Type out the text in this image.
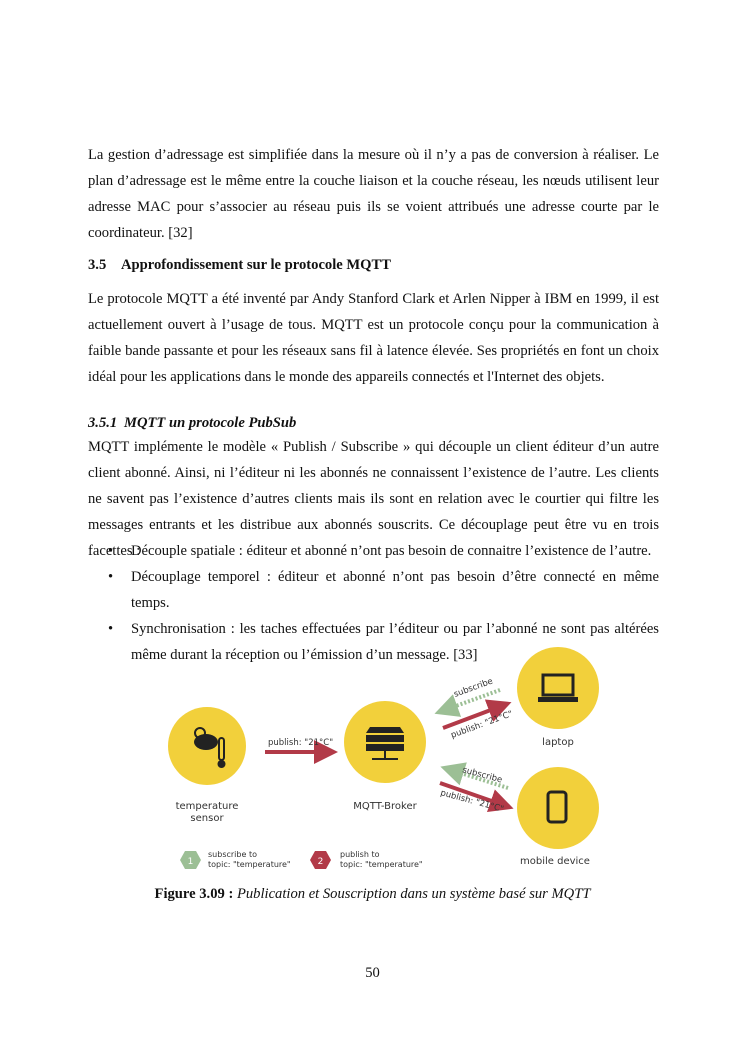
La gestion d’adressage est simplifiée dans la mesure où il n’y a pas de conversion à réaliser. Le plan d’adressage est le même entre la couche liaison et la couche réseau, les nœuds utilisent leur adresse MAC pour s’associer au réseau puis ils se voient attribués une adresse courte par le coordinateur. [32]
3.5 Approfondissement sur le protocole MQTT
Le protocole MQTT a été inventé par Andy Stanford Clark et Arlen Nipper à IBM en 1999, il est actuellement ouvert à l’usage de tous. MQTT est un protocole conçu pour la communication à faible bande passante et pour les réseaux sans fil à latence élevée. Ses propriétés en font un choix idéal pour les applications dans le monde des appareils connectés et l'Internet des objets.
3.5.1 MQTT un protocole PubSub
MQTT implémente le modèle « Publish / Subscribe » qui découple un client éditeur d’un autre client abonné. Ainsi, ni l’éditeur ni les abonnés ne connaissent l’existence de l’autre. Les clients ne savent pas l’existence d’autres clients mais ils sont en relation avec le courtier qui filtre les messages entrants et les distribue aux abonnés souscrits. Ce découplage peut être vu en trois facettes :
• Découple spatiale : éditeur et abonné n’ont pas besoin de connaitre l’existence de l’autre.
• Découplage temporel : éditeur et abonné n’ont pas besoin d’être connecté en même temps.
• Synchronisation : les taches effectuées par l’éditeur ou par l’abonné ne sont pas altérées même durant la réception ou l’émission d’un message. [33]
temperature
sensor
MQTT-Broker
laptop
mobile device
publish: "21°C"
subscribe
publish: "21°C"
subscribe
publish: "21°C"
1
subscribe to
topic: "temperature"	2
publish to
topic: "temperature"
Figure 3.09 : Publication et Souscription dans un système basé sur MQTT
50
